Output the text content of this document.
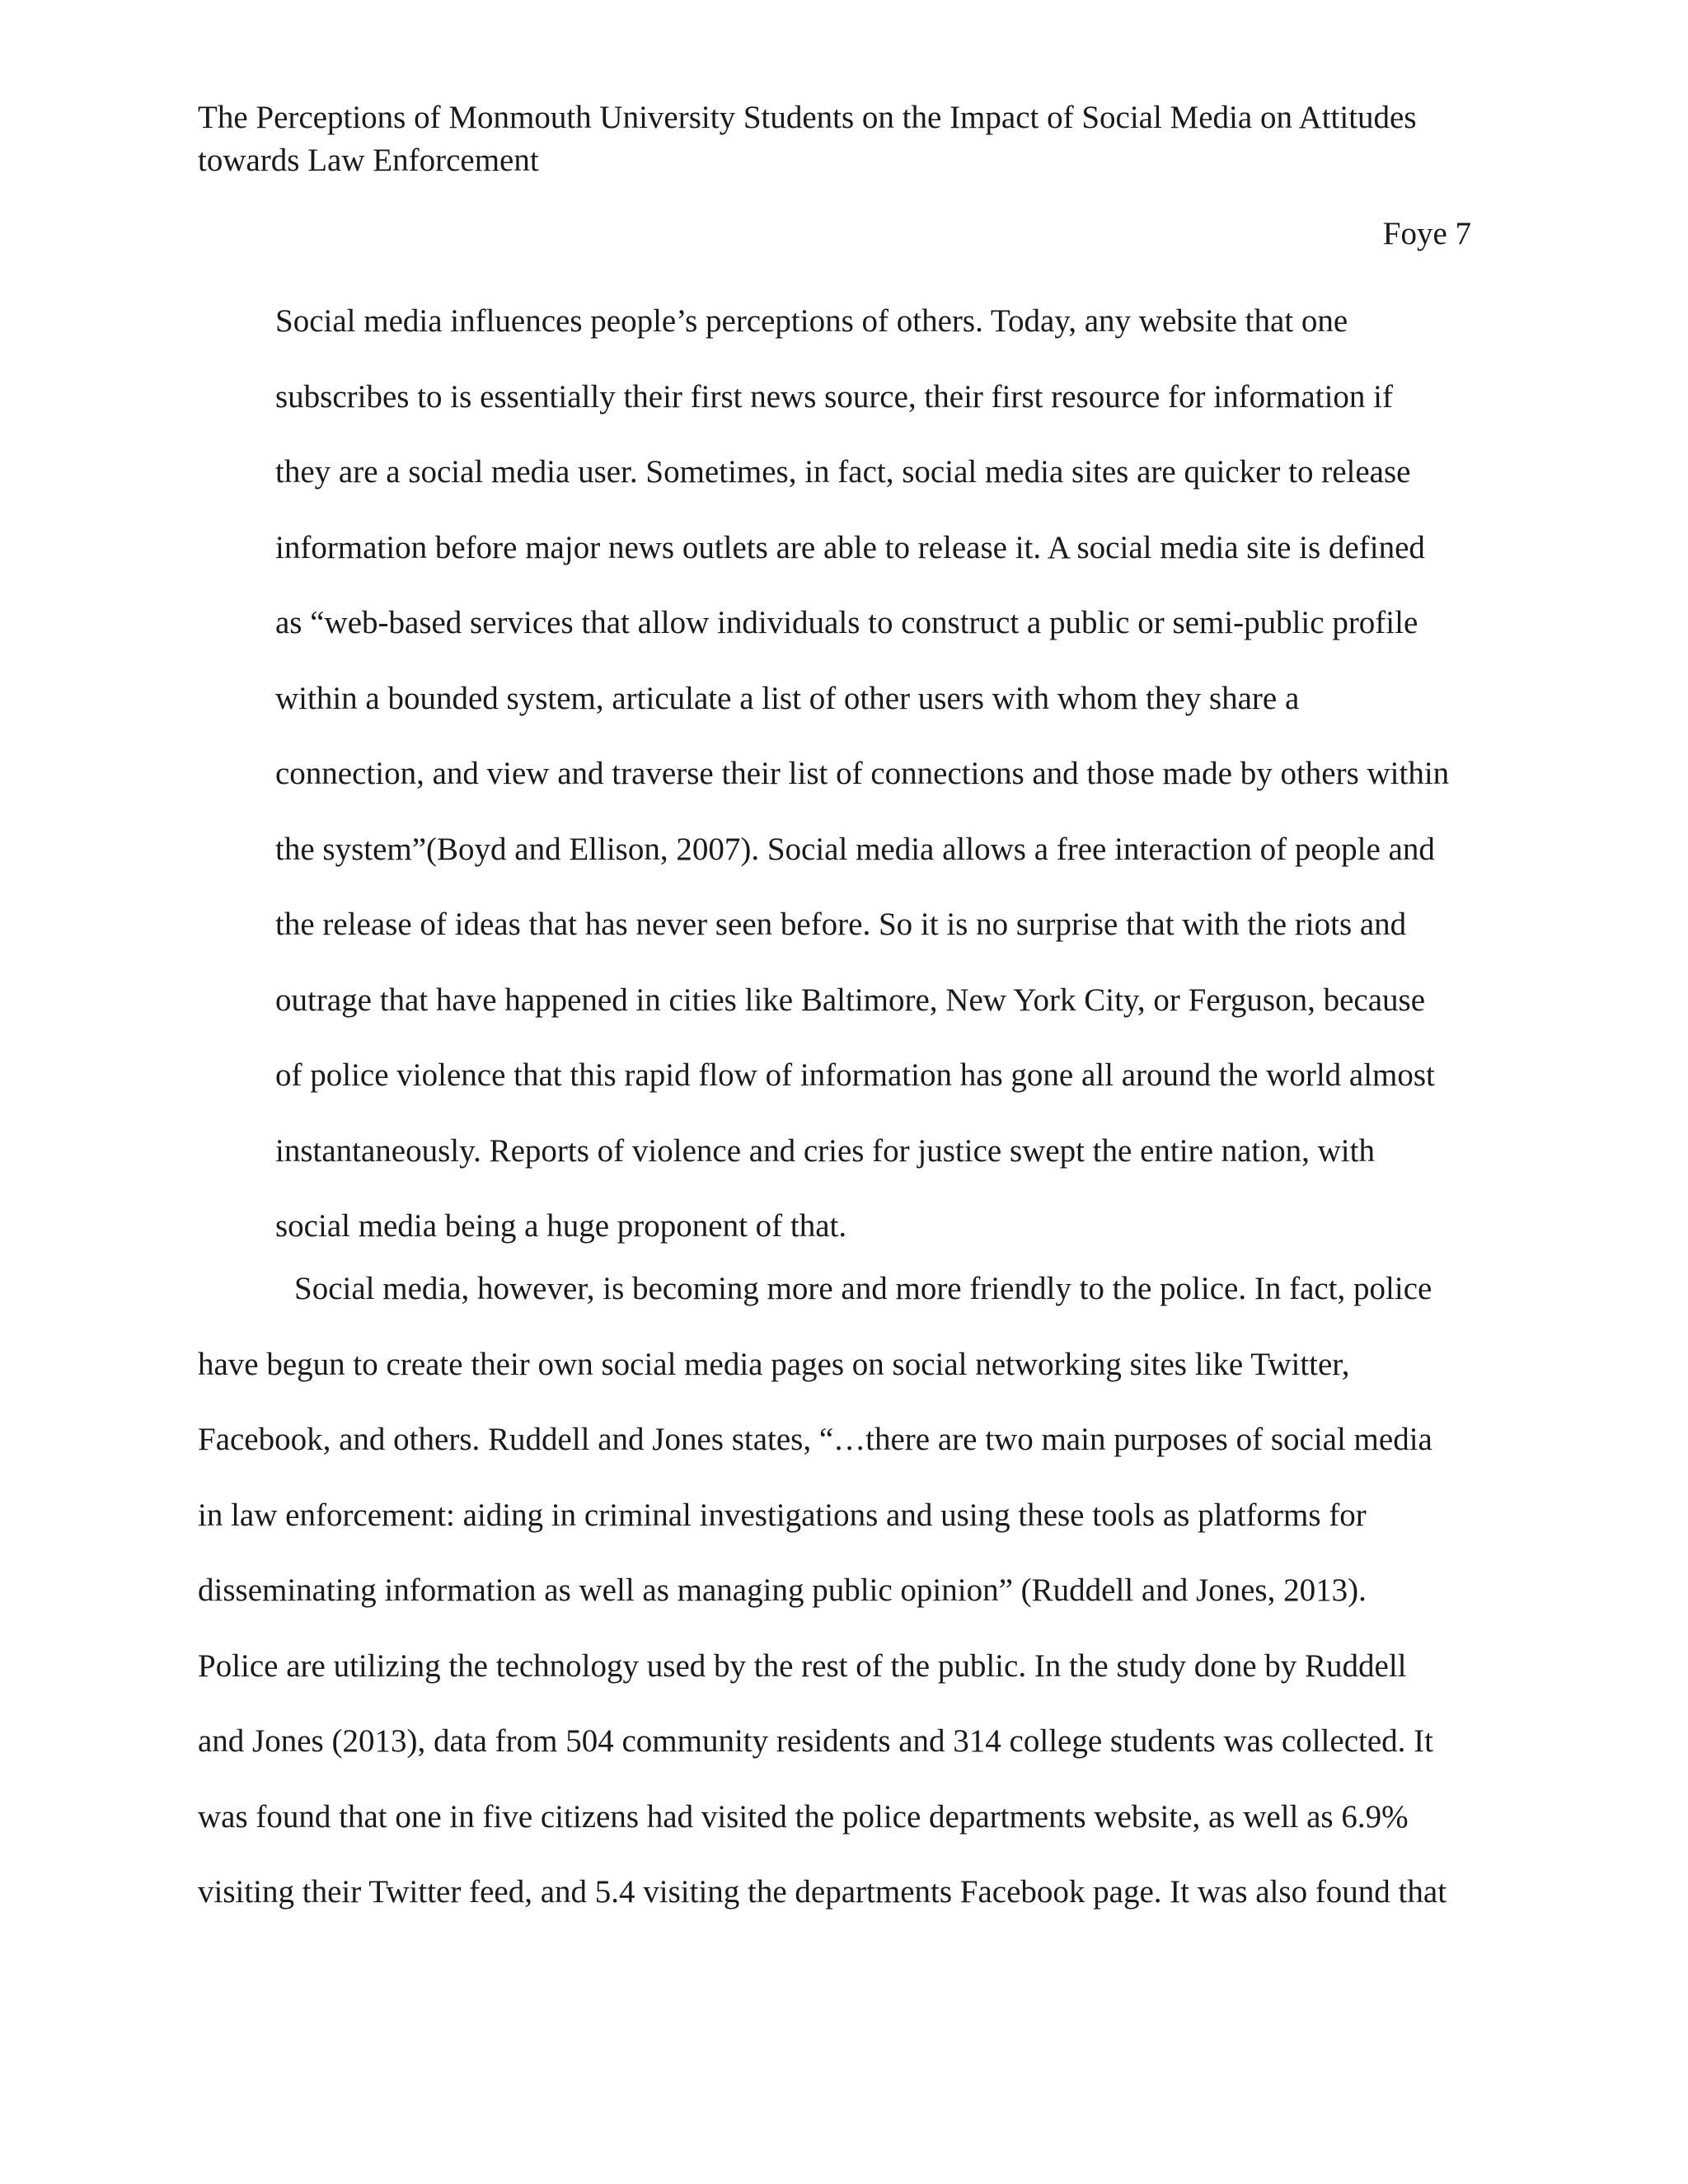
The Perceptions of Monmouth University Students on the Impact of Social Media on Attitudes
towards Law Enforcement
Foye 7

Social media influences people’s perceptions of others. Today, any website that one
subscribes to is essentially their first news source, their first resource for information if
they are a social media user. Sometimes, in fact, social media sites are quicker to release
information before major news outlets are able to release it. A social media site is defined
as “web-based services that allow individuals to construct a public or semi-public profile
within a bounded system, articulate a list of other users with whom they share a
connection, and view and traverse their list of connections and those made by others within
the system”(Boyd and Ellison, 2007). Social media allows a free interaction of people and
the release of ideas that has never seen before. So it is no surprise that with the riots and
outrage that have happened in cities like Baltimore, New York City, or Ferguson, because
of police violence that this rapid flow of information has gone all around the world almost
instantaneously. Reports of violence and cries for justice swept the entire nation, with
social media being a huge proponent of that.

Social media, however, is becoming more and more friendly to the police. In fact, police
have begun to create their own social media pages on social networking sites like Twitter,
Facebook, and others. Ruddell and Jones states, “…there are two main purposes of social media
in law enforcement: aiding in criminal investigations and using these tools as platforms for
disseminating information as well as managing public opinion” (Ruddell and Jones, 2013).
Police are utilizing the technology used by the rest of the public. In the study done by Ruddell
and Jones (2013), data from 504 community residents and 314 college students was collected. It
was found that one in five citizens had visited the police departments website, as well as 6.9%
visiting their Twitter feed, and 5.4 visiting the departments Facebook page. It was also found that
